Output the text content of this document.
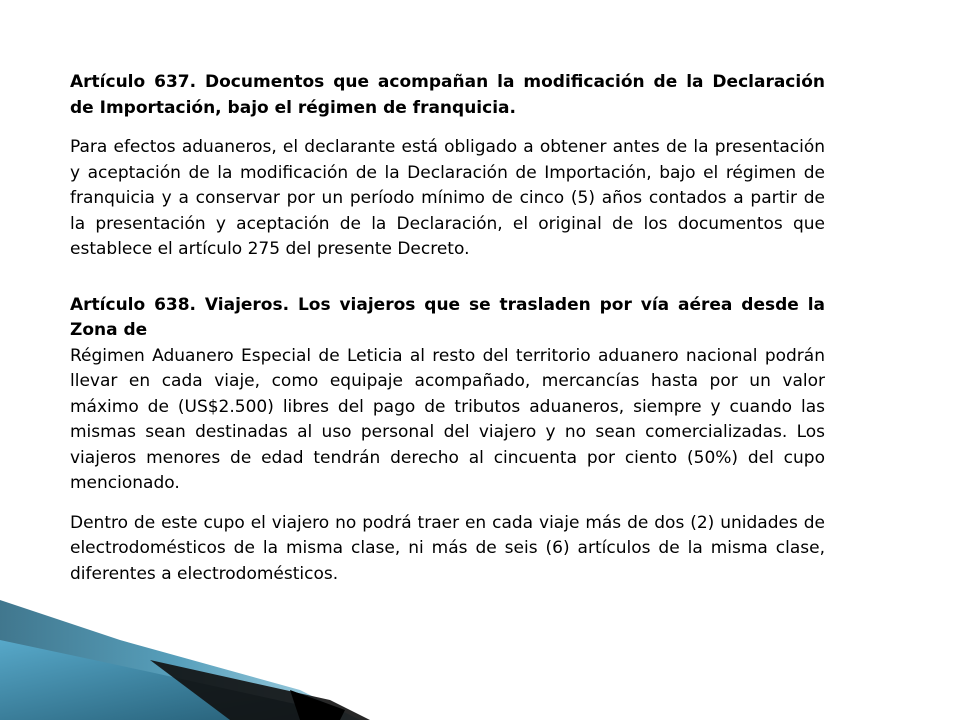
Artículo 637. Documentos que acompañan la modificación de la Declaración de Importación, bajo el régimen de franquicia.

Para efectos aduaneros, el declarante está obligado a obtener antes de la presentación y aceptación de la modificación de la Declaración de Importación, bajo el régimen de franquicia y a conservar por un período mínimo de cinco (5) años contados a partir de la presentación y aceptación de la Declaración, el original de los documentos que establece el artículo 275 del presente Decreto.

Artículo 638. Viajeros. Los viajeros que se trasladen por vía aérea desde la Zona de

Régimen Aduanero Especial de Leticia al resto del territorio aduanero nacional podrán llevar en cada viaje, como equipaje acompañado, mercancías hasta por un valor máximo de (US$2.500) libres del pago de tributos aduaneros, siempre y cuando las mismas sean destinadas al uso personal del viajero y no sean comercializadas. Los viajeros menores de edad tendrán derecho al cincuenta por ciento (50%) del cupo mencionado.

Dentro de este cupo el viajero no podrá traer en cada viaje más de dos (2) unidades de electrodomésticos de la misma clase, ni más de seis (6) artículos de la misma clase, diferentes a electrodomésticos.
